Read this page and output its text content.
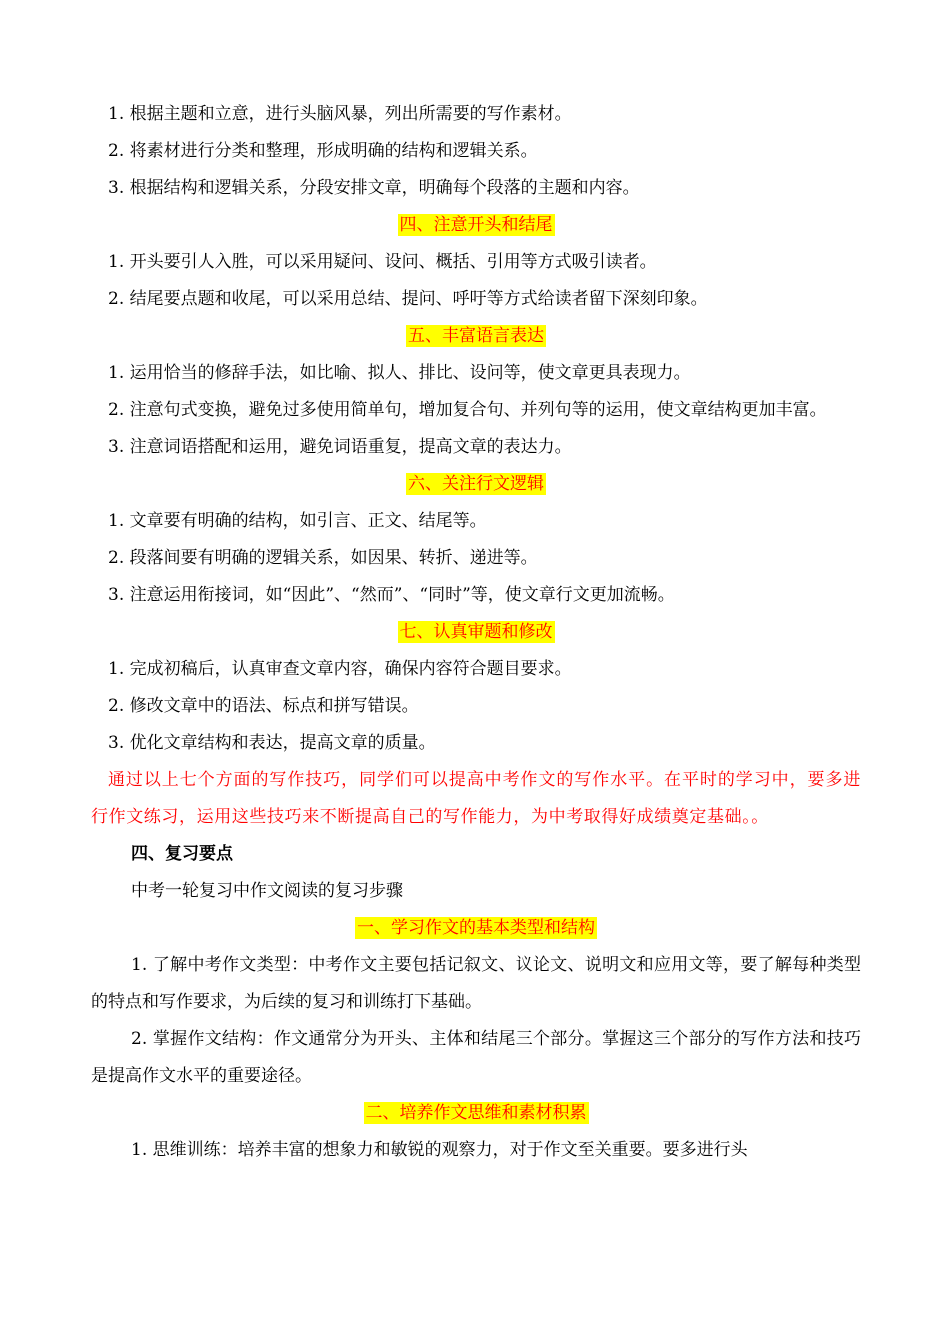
1. 根据主题和立意，进行头脑风暴，列出所需要的写作素材。
2. 将素材进行分类和整理，形成明确的结构和逻辑关系。
3. 根据结构和逻辑关系，分段安排文章，明确每个段落的主题和内容。
四、注意开头和结尾
1. 开头要引人入胜，可以采用疑问、设问、概括、引用等方式吸引读者。
2. 结尾要点题和收尾，可以采用总结、提问、呼吁等方式给读者留下深刻印象。
五、丰富语言表达
1. 运用恰当的修辞手法，如比喻、拟人、排比、设问等，使文章更具表现力。
2. 注意句式变换，避免过多使用简单句，增加复合句、并列句等的运用，使文章结构更加丰富。
3. 注意词语搭配和运用，避免词语重复，提高文章的表达力。
六、关注行文逻辑
1. 文章要有明确的结构，如引言、正文、结尾等。
2. 段落间要有明确的逻辑关系，如因果、转折、递进等。
3. 注意运用衔接词，如“因此”、“然而”、“同时”等，使文章行文更加流畅。
七、认真审题和修改
1. 完成初稿后，认真审查文章内容，确保内容符合题目要求。
2. 修改文章中的语法、标点和拼写错误。
3. 优化文章结构和表达，提高文章的质量。
通过以上七个方面的写作技巧，同学们可以提高中考作文的写作水平。在平时的学习中，要多进行作文练习，运用这些技巧来不断提高自己的写作能力，为中考取得好成绩奠定基础。。
四、复习要点
中考一轮复习中作文阅读的复习步骤
一、学习作文的基本类型和结构
1. 了解中考作文类型：中考作文主要包括记叙文、议论文、说明文和应用文等，要了解每种类型的特点和写作要求，为后续的复习和训练打下基础。
2. 掌握作文结构：作文通常分为开头、主体和结尾三个部分。掌握这三个部分的写作方法和技巧是提高作文水平的重要途径。
二、培养作文思维和素材积累
1. 思维训练：培养丰富的想象力和敏锐的观察力，对于作文至关重要。要多进行头
